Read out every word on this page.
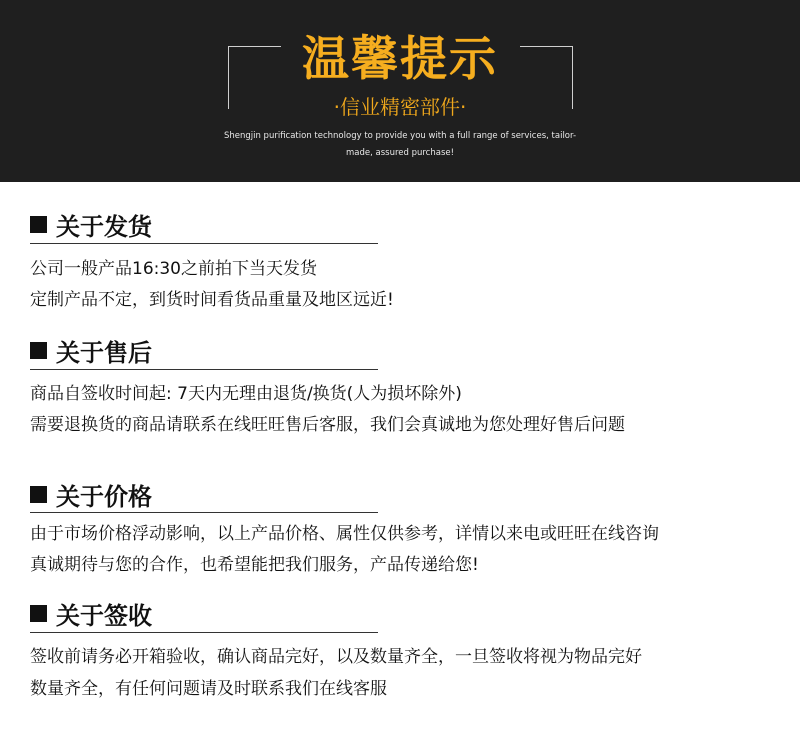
温馨提示
·信业精密部件·
Shengjin purification technology to provide you with a full range of services, tailor-made, assured purchase!
关于发货
公司一般产品16:30之前拍下当天发货
定制产品不定，到货时间看货品重量及地区远近!
关于售后
商品自签收时间起: 7天内无理由退货/换货(人为损坏除外)
需要退换货的商品请联系在线旺旺售后客服，我们会真诚地为您处理好售后问题
关于价格
由于市场价格浮动影响，以上产品价格、属性仅供参考，详情以来电或旺旺在线咨询
真诚期待与您的合作，也希望能把我们服务，产品传递给您!
关于签收
签收前请务必开箱验收，确认商品完好，以及数量齐全，一旦签收将视为物品完好
数量齐全，有任何问题请及时联系我们在线客服
